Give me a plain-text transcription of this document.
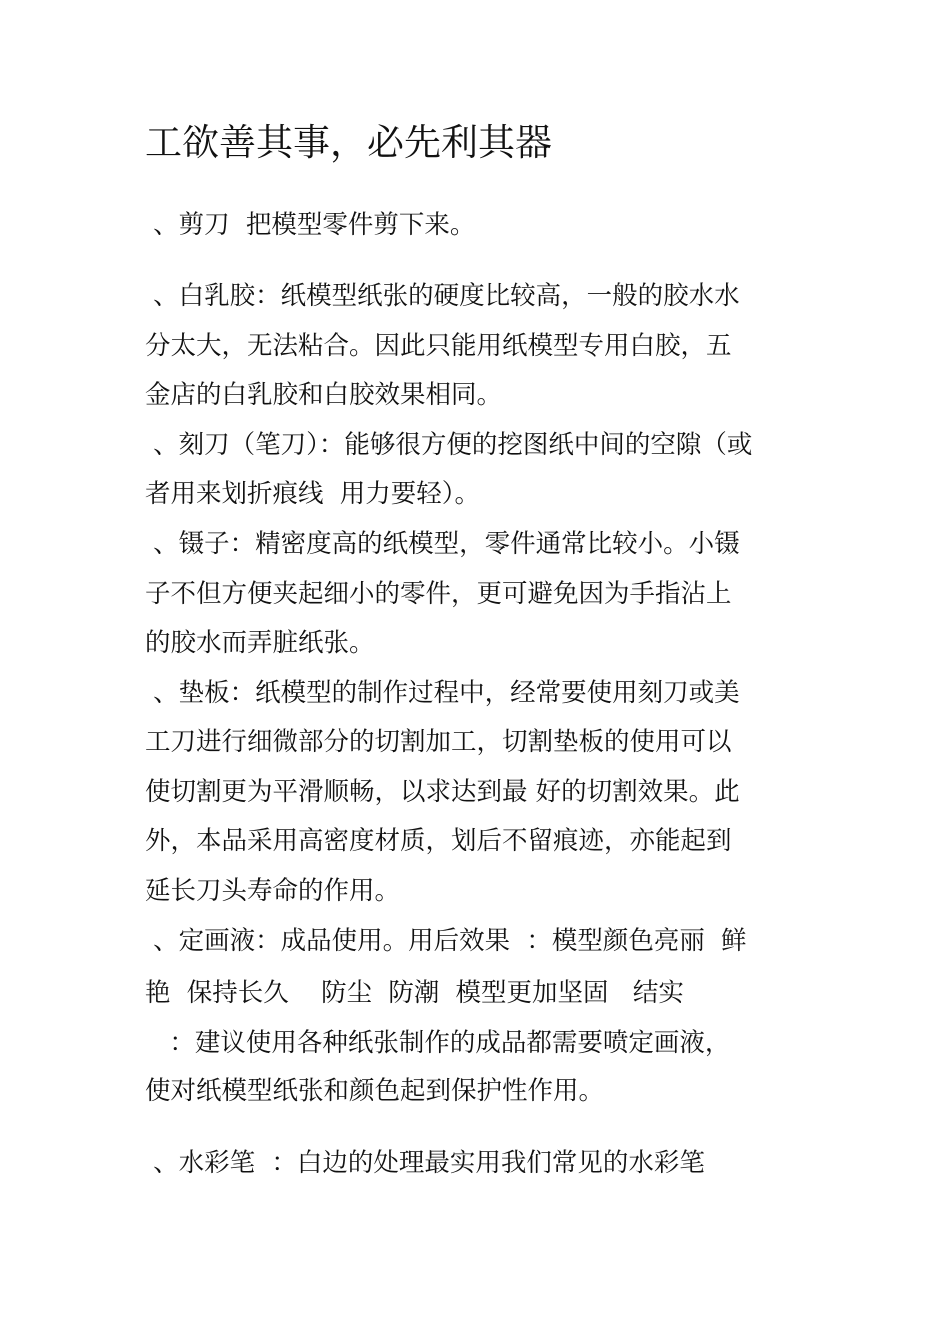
工欲善其事，必先利其器

、剪刀  把模型零件剪下来。

、白乳胶：纸模型纸张的硬度比较高，一般的胶水水

分太大，无法粘合。因此只能用纸模型专用白胶，五

金店的白乳胶和白胶效果相同。

、刻刀（笔刀）：能够很方便的挖图纸中间的空隙（或

者用来划折痕线  用力要轻）。

、镊子：精密度高的纸模型，零件通常比较小。小镊

子不但方便夹起细小的零件，更可避免因为手指沾上

的胶水而弄脏纸张。

、垫板：纸模型的制作过程中，经常要使用刻刀或美

工刀进行细微部分的切割加工，切割垫板的使用可以

使切割更为平滑顺畅，以求达到最 好的切割效果。此

外，本品采用高密度材质，划后不留痕迹，亦能起到

延长刀头寿命的作用。

、定画液：成品使用。用后效果  ：模型颜色亮丽  鲜

艳  保持长久    防尘  防潮  模型更加坚固   结实

：建议使用各种纸张制作的成品都需要喷定画液，

使对纸模型纸张和颜色起到保护性作用。

、水彩笔  ：白边的处理最实用我们常见的水彩笔
